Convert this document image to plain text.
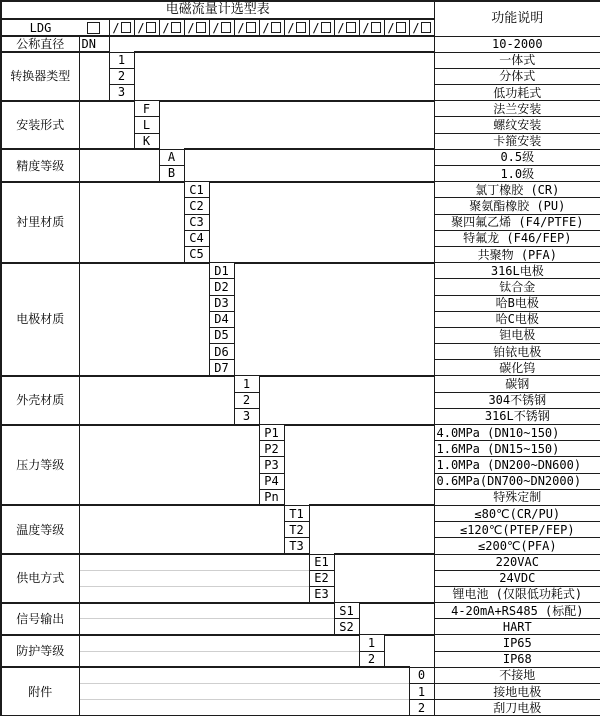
电磁流量计选型表															功能说明
LDG		/	/	/	/	/	/	/	/	/	/	/	/	/	
公称直径	DN														10-2000
转换器类型		1													一体式
		2													分体式
		3													低功耗式
安装形式			F												法兰安装
			L												螺纹安装
			K												卡箍安装
精度等级				A											0.5级
				B											1.0级
衬里材质					C1										氯丁橡胶 (CR)
					C2										聚氨酯橡胶 (PU)
					C3										聚四氟乙烯 (F4/PTFE)
					C4										特氟龙 (F46/FEP)
					C5										共聚物 (PFA)
电极材质						D1									316L电极
						D2									钛合金
						D3									哈B电极
						D4									哈C电极
						D5									钽电极
						D6									铂铱电极
						D7									碳化钨
外壳材质							1								碳钢
							2								304不锈钢
							3								316L不锈钢
压力等级								P1							4.0MPa (DN10~150)
								P2							1.6MPa (DN15~150)
								P3							1.0MPa (DN200~DN600)
								P4							0.6MPa(DN700~DN2000)
								Pn							特殊定制
温度等级									T1						≤80℃(CR/PU)
									T2						≤120℃(PTEP/FEP)
									T3						≤200℃(PFA)
供电方式										E1					220VAC
										E2					24VDC
										E3					锂电池 (仅限低功耗式)
信号输出											S1				4-20mA+RS485 (标配)
											S2				HART
防护等级												1			IP65
												2			IP68
附件														0	不接地
														1	接地电极
														2	刮刀电极
